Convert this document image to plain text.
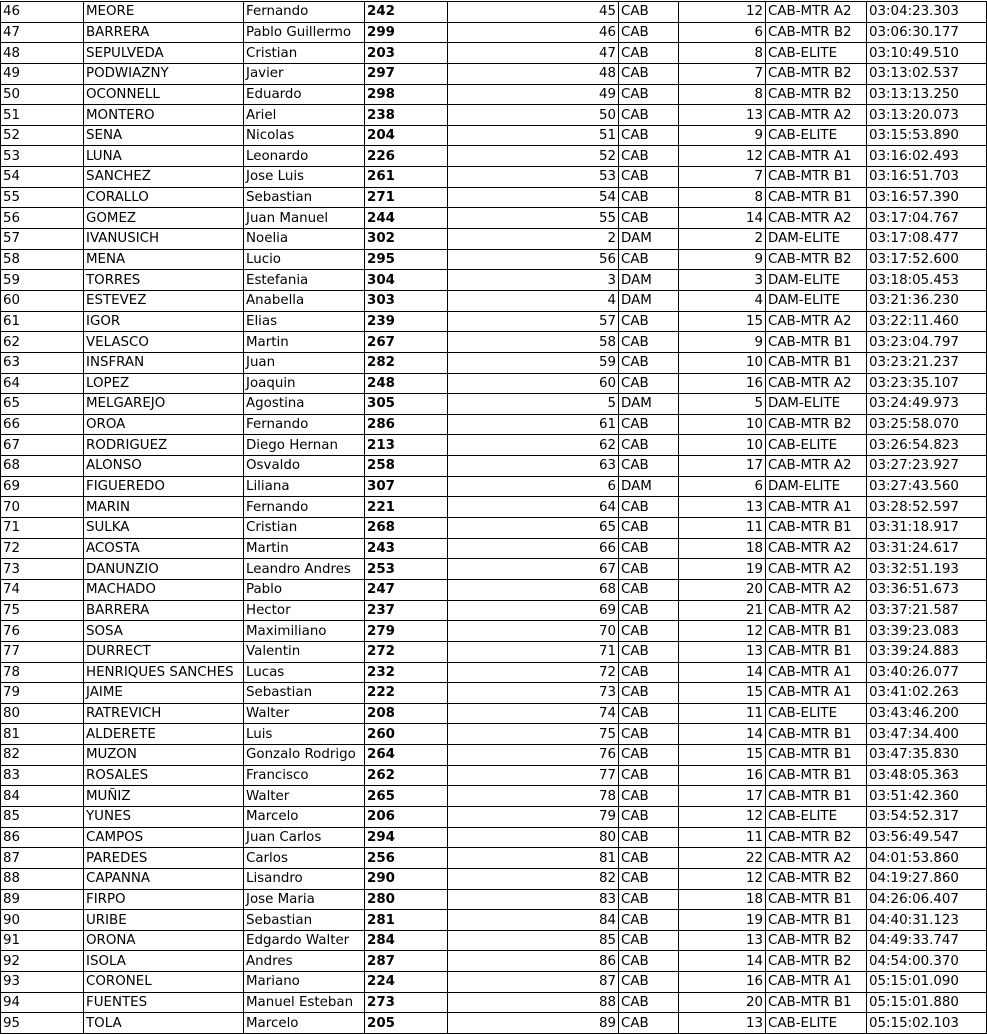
46	MEORE	Fernando	242	45	CAB	12	CAB-MTR A2	03:04:23.303
47	BARRERA	Pablo Guillermo	299	46	CAB	6	CAB-MTR B2	03:06:30.177
48	SEPULVEDA	Cristian	203	47	CAB	8	CAB-ELITE	03:10:49.510
49	PODWIAZNY	Javier	297	48	CAB	7	CAB-MTR B2	03:13:02.537
50	OCONNELL	Eduardo	298	49	CAB	8	CAB-MTR B2	03:13:13.250
51	MONTERO	Ariel	238	50	CAB	13	CAB-MTR A2	03:13:20.073
52	SENA	Nicolas	204	51	CAB	9	CAB-ELITE	03:15:53.890
53	LUNA	Leonardo	226	52	CAB	12	CAB-MTR A1	03:16:02.493
54	SANCHEZ	Jose Luis	261	53	CAB	7	CAB-MTR B1	03:16:51.703
55	CORALLO	Sebastian	271	54	CAB	8	CAB-MTR B1	03:16:57.390
56	GOMEZ	Juan Manuel	244	55	CAB	14	CAB-MTR A2	03:17:04.767
57	IVANUSICH	Noelia	302	2	DAM	2	DAM-ELITE	03:17:08.477
58	MENA	Lucio	295	56	CAB	9	CAB-MTR B2	03:17:52.600
59	TORRES	Estefania	304	3	DAM	3	DAM-ELITE	03:18:05.453
60	ESTEVEZ	Anabella	303	4	DAM	4	DAM-ELITE	03:21:36.230
61	IGOR	Elias	239	57	CAB	15	CAB-MTR A2	03:22:11.460
62	VELASCO	Martin	267	58	CAB	9	CAB-MTR B1	03:23:04.797
63	INSFRAN	Juan	282	59	CAB	10	CAB-MTR B1	03:23:21.237
64	LOPEZ	Joaquin	248	60	CAB	16	CAB-MTR A2	03:23:35.107
65	MELGAREJO	Agostina	305	5	DAM	5	DAM-ELITE	03:24:49.973
66	OROA	Fernando	286	61	CAB	10	CAB-MTR B2	03:25:58.070
67	RODRIGUEZ	Diego Hernan	213	62	CAB	10	CAB-ELITE	03:26:54.823
68	ALONSO	Osvaldo	258	63	CAB	17	CAB-MTR A2	03:27:23.927
69	FIGUEREDO	Liliana	307	6	DAM	6	DAM-ELITE	03:27:43.560
70	MARIN	Fernando	221	64	CAB	13	CAB-MTR A1	03:28:52.597
71	SULKA	Cristian	268	65	CAB	11	CAB-MTR B1	03:31:18.917
72	ACOSTA	Martin	243	66	CAB	18	CAB-MTR A2	03:31:24.617
73	DANUNZIO	Leandro Andres	253	67	CAB	19	CAB-MTR A2	03:32:51.193
74	MACHADO	Pablo	247	68	CAB	20	CAB-MTR A2	03:36:51.673
75	BARRERA	Hector	237	69	CAB	21	CAB-MTR A2	03:37:21.587
76	SOSA	Maximiliano	279	70	CAB	12	CAB-MTR B1	03:39:23.083
77	DURRECT	Valentin	272	71	CAB	13	CAB-MTR B1	03:39:24.883
78	HENRIQUES SANCHES	Lucas	232	72	CAB	14	CAB-MTR A1	03:40:26.077
79	JAIME	Sebastian	222	73	CAB	15	CAB-MTR A1	03:41:02.263
80	RATREVICH	Walter	208	74	CAB	11	CAB-ELITE	03:43:46.200
81	ALDERETE	Luis	260	75	CAB	14	CAB-MTR B1	03:47:34.400
82	MUZON	Gonzalo Rodrigo	264	76	CAB	15	CAB-MTR B1	03:47:35.830
83	ROSALES	Francisco	262	77	CAB	16	CAB-MTR B1	03:48:05.363
84	MUÑIZ	Walter	265	78	CAB	17	CAB-MTR B1	03:51:42.360
85	YUNES	Marcelo	206	79	CAB	12	CAB-ELITE	03:54:52.317
86	CAMPOS	Juan Carlos	294	80	CAB	11	CAB-MTR B2	03:56:49.547
87	PAREDES	Carlos	256	81	CAB	22	CAB-MTR A2	04:01:53.860
88	CAPANNA	Lisandro	290	82	CAB	12	CAB-MTR B2	04:19:27.860
89	FIRPO	Jose Maria	280	83	CAB	18	CAB-MTR B1	04:26:06.407
90	URIBE	Sebastian	281	84	CAB	19	CAB-MTR B1	04:40:31.123
91	ORONA	Edgardo Walter	284	85	CAB	13	CAB-MTR B2	04:49:33.747
92	ISOLA	Andres	287	86	CAB	14	CAB-MTR B2	04:54:00.370
93	CORONEL	Mariano	224	87	CAB	16	CAB-MTR A1	05:15:01.090
94	FUENTES	Manuel Esteban	273	88	CAB	20	CAB-MTR B1	05:15:01.880
95	TOLA	Marcelo	205	89	CAB	13	CAB-ELITE	05:15:02.103
